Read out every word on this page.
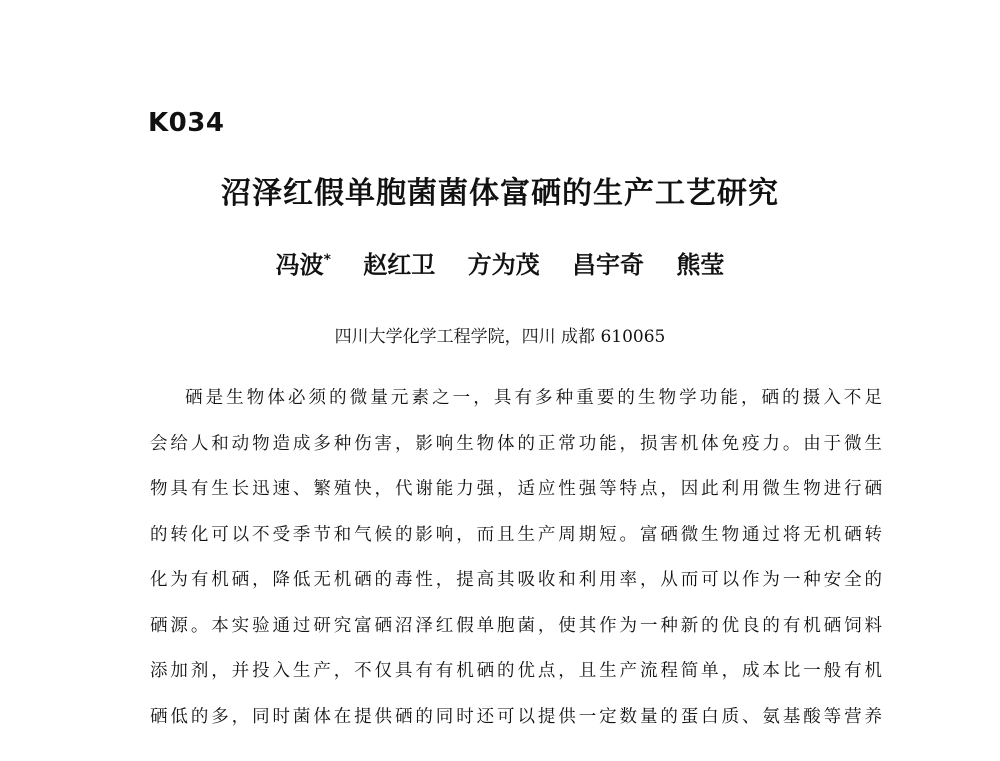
K034
沼泽红假单胞菌菌体富硒的生产工艺研究
冯波* 赵红卫 方为茂 昌宇奇 熊莹
四川大学化学工程学院，四川 成都 610065
硒是生物体必须的微量元素之一，具有多种重要的生物学功能，硒的摄入不足
会给人和动物造成多种伤害，影响生物体的正常功能，损害机体免疫力。由于微生
物具有生长迅速、繁殖快，代谢能力强，适应性强等特点，因此利用微生物进行硒
的转化可以不受季节和气候的影响，而且生产周期短。富硒微生物通过将无机硒转
化为有机硒，降低无机硒的毒性，提高其吸收和利用率，从而可以作为一种安全的
硒源。本实验通过研究富硒沼泽红假单胞菌，使其作为一种新的优良的有机硒饲料
添加剂，并投入生产，不仅具有有机硒的优点，且生产流程简单，成本比一般有机
硒低的多，同时菌体在提供硒的同时还可以提供一定数量的蛋白质、氨基酸等营养
